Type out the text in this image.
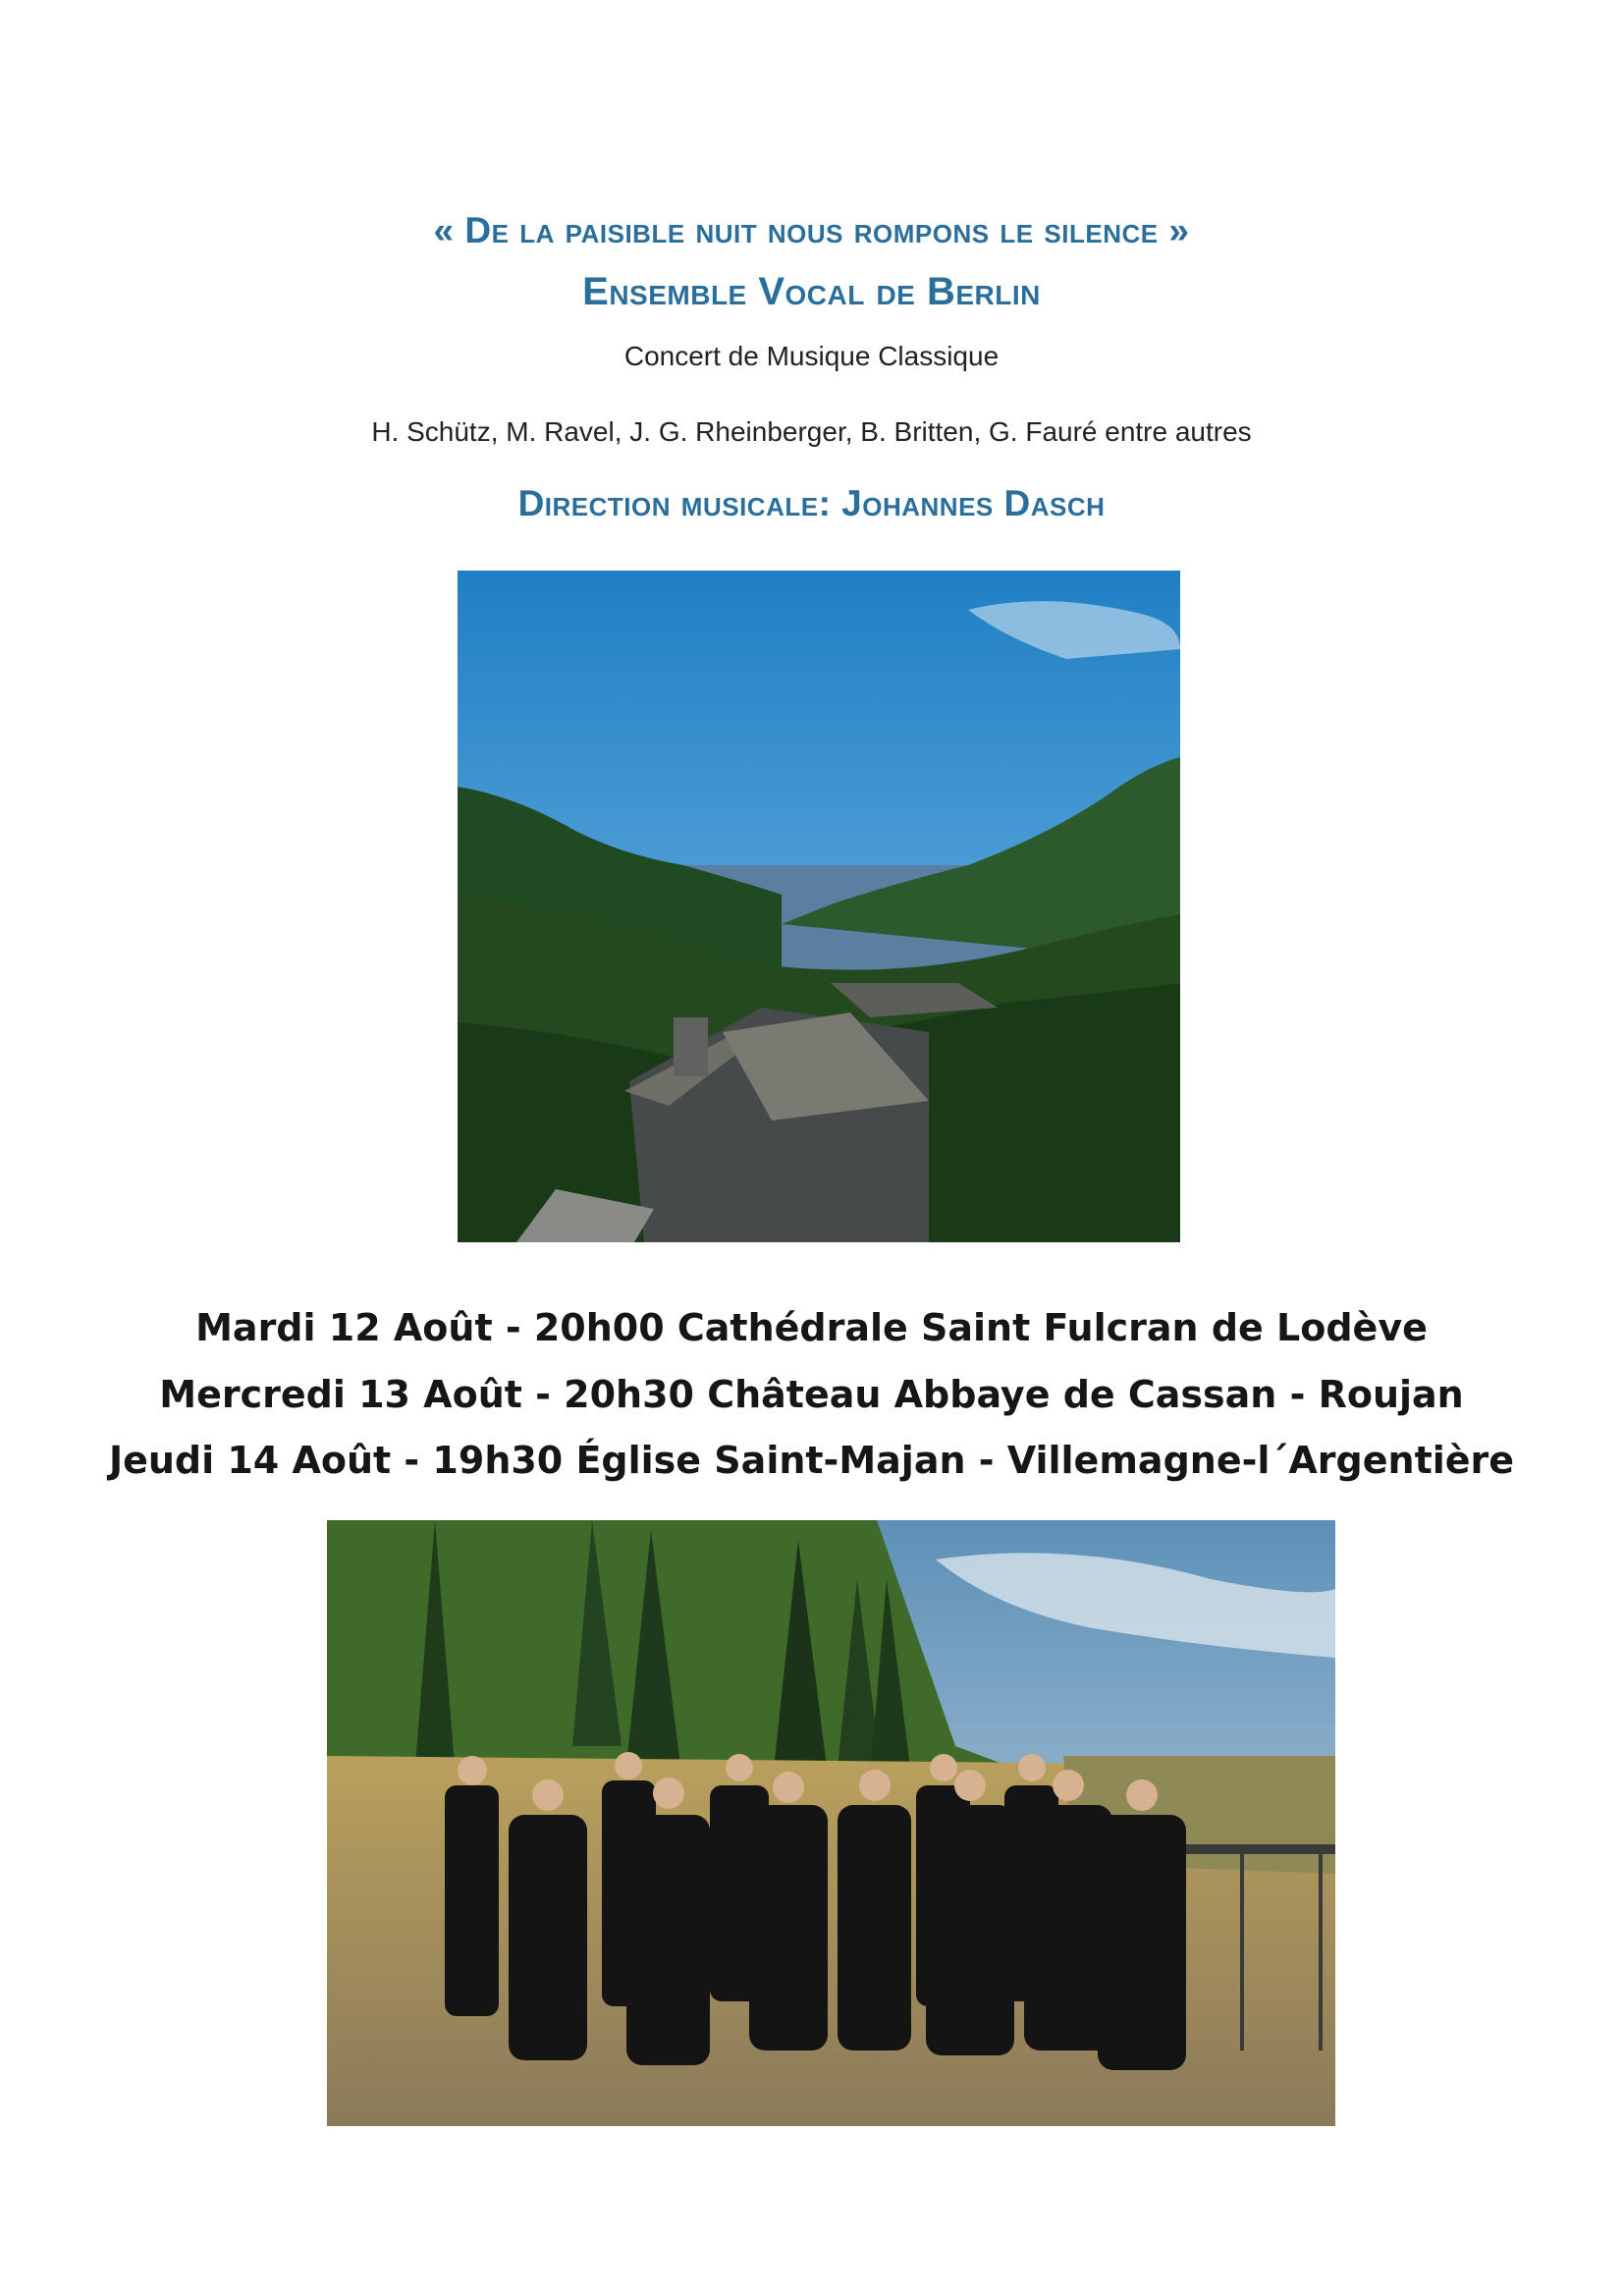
« De la paisible nuit nous rompons le silence »
Ensemble Vocal de Berlin
Concert de Musique Classique
H. Schütz, M. Ravel, J. G. Rheinberger, B. Britten, G. Fauré entre autres
Direction musicale: Johannes Dasch
Mardi 12 Août - 20h00 Cathédrale Saint Fulcran de Lodève
Mercredi 13 Août - 20h30 Château Abbaye de Cassan - Roujan
Jeudi 14 Août - 19h30 Église Saint-Majan - Villemagne-l´Argentière
